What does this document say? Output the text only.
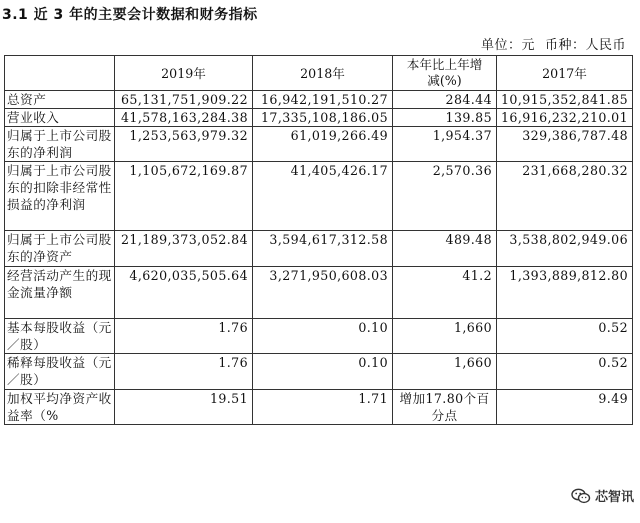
3.1 近 3 年的主要会计数据和财务指标
单位：元 币种：人民币
	2019年	2018年	本年比上年增减(%)	2017年
总资产	65,131,751,909.22	16,942,191,510.27	284.44	10,915,352,841.85
营业收入	41,578,163,284.38	17,335,108,186.05	139.85	16,916,232,210.01
归属于上市公司股东的净利润	1,253,563,979.32	61,019,266.49	1,954.37	329,386,787.48
归属于上市公司股东的扣除非经常性损益的净利润	1,105,672,169.87	41,405,426.17	2,570.36	231,668,280.32
归属于上市公司股东的净资产	21,189,373,052.84	3,594,617,312.58	489.48	3,538,802,949.06
经营活动产生的现金流量净额	4,620,035,505.64	3,271,950,608.03	41.2	1,393,889,812.80
基本每股收益（元／股）	1.76	0.10	1,660	0.52
稀释每股收益（元／股）	1.76	0.10	1,660	0.52
加权平均净资产收益率（%	19.51	1.71	增加17.80个百分点	9.49
芯智讯
